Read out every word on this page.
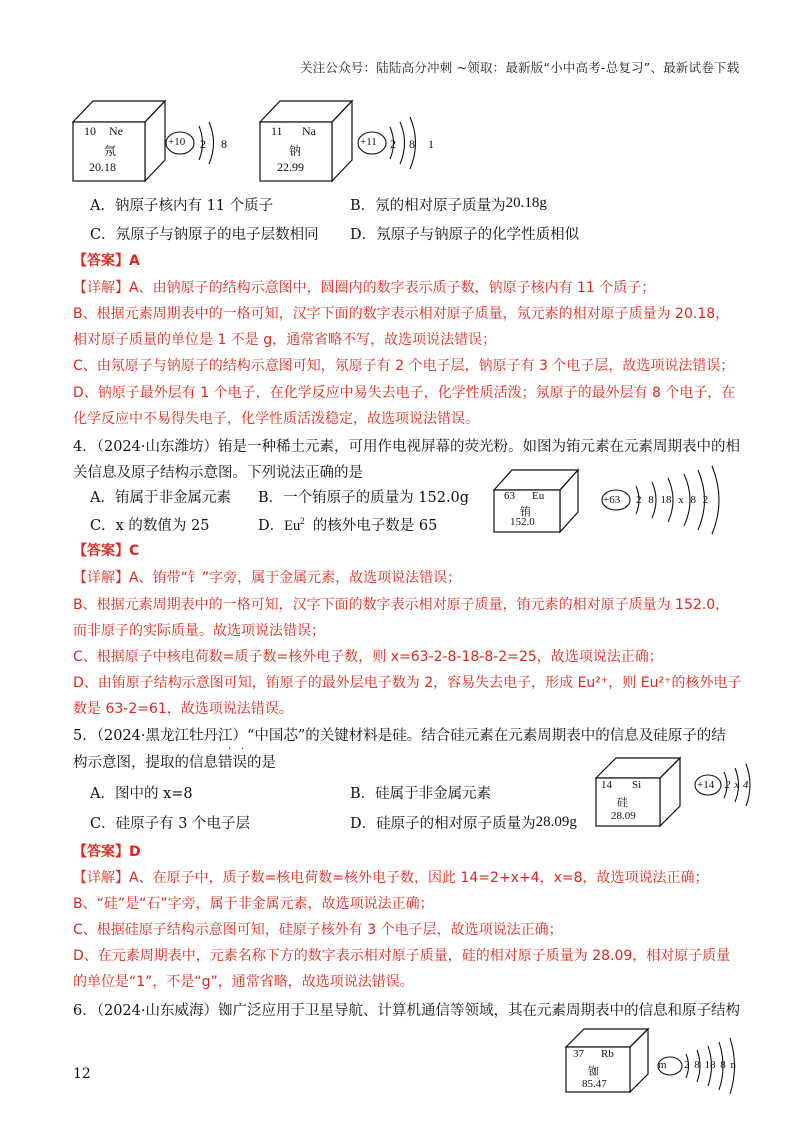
关注公众号：陆陆高分冲刺 ~领取：最新版“小中高考-总复习”、最新试卷下载
10 Ne
氖
20.18
+10 2 8
11 Na
钠
22.99
+11 2 8 1
A．钠原子核内有 11 个质子	B．氖的相对原子质量为20.18g
C．氖原子与钠原子的电子层数相同 D．氖原子与钠原子的化学性质相似
【答案】A
【详解】A、由钠原子的结构示意图中，圆圈内的数字表示质子数，钠原子核内有 11 个质子；
B、根据元素周期表中的一格可知，汉字下面的数字表示相对原子质量，氖元素的相对原子质量为 20.18，
相对原子质量的单位是 1 不是 g，通常省略不写，故选项说法错误；
C、由氖原子与钠原子的结构示意图可知，氖原子有 2 个电子层，钠原子有 3 个电子层，故选项说法错误；
D、钠原子最外层有 1 个电子，在化学反应中易失去电子，化学性质活泼；氖原子的最外层有 8 个电子，在
化学反应中不易得失电子，化学性质活泼稳定，故选项说法错误。
4．（2024·山东潍坊）铕是一种稀土元素，可用作电视屏幕的荧光粉。如图为铕元素在元素周期表中的相
关信息及原子结构示意图。下列说法正确的是
A．铕属于非金属元素 B．一个铕原子的质量为 152.0g
C．x 的数值为 25	D．Eu$^2$ 的核外电子数是 65
63 Eu
铕
152.0
+63 2 8 18 x 8 2
【答案】C
【详解】A、铕带“钅”字旁，属于金属元素，故选项说法错误；
B、根据元素周期表中的一格可知，汉字下面的数字表示相对原子质量，铕元素的相对原子质量为 152.0，
而非原子的实际质量。故选项说法错误；
C、根据原子中核电荷数=质子数=核外电子数，则 x=63-2-8-18-8-2=25，故选项说法正确；
D、由铕原子结构示意图可知，铕原子的最外层电子数为 2，容易失去电子，形成 Eu²⁺，则 Eu²⁺的核外电子
数是 63-2=61，故选项说法错误。
5．（2024·黑龙江牡丹江）“中国芯”的关键材料是硅。结合硅元素在元素周期表中的信息及硅原子的结
构示意图，提取的信息错误的是
··
A．图中的 x=8	B．硅属于非金属元素
C．硅原子有 3 个电子层	D．硅原子的相对原子质量为28.09g
14 Si
硅
28.09
+14 2 x 4
【答案】D
【详解】A、在原子中，质子数=核电荷数=核外电子数，因此 14=2+x+4，x=8，故选项说法正确；
B、“硅”是“石”字旁，属于非金属元素，故选项说法正确；
C、根据硅原子结构示意图可知，硅原子核外有 3 个电子层，故选项说法正确；
D、在元素周期表中，元素名称下方的数字表示相对原子质量，硅的相对原子质量为 28.09，相对原子质量
的单位是“1”，不是“g”，通常省略，故选项说法错误。
6．（2024·山东威海）铷广泛应用于卫星导航、计算机通信等领域，其在元素周期表中的信息和原子结构
37 Rb
铷
85.47
m 2 8 18 8 n
12
